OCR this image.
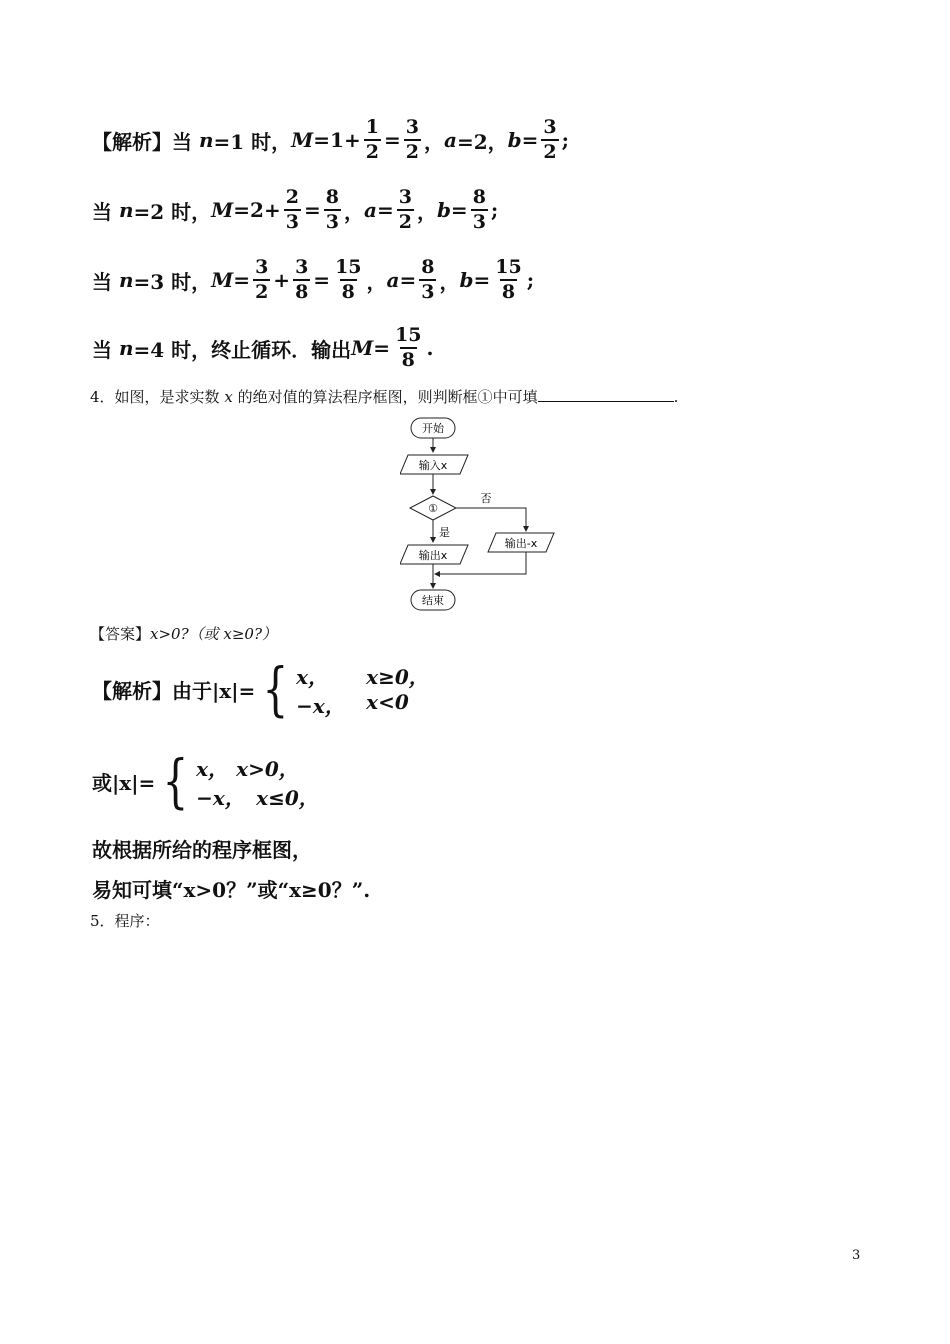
【解析】 当
n =1 时， $M =1+ \frac{1}{2} = \frac{3}{2}$ ， a =2， $b = \frac{3}{2}$ ;
当
n =2 时， $M =2+ \frac{2}{3} = \frac{8}{3}$ ， $a = \frac{3}{2}$ ， $b = \frac{8}{3}$ ;
当
n =3 时， $M = \frac{3}{2} + \frac{3}{8} = \frac{15}{8}$ ， $a = \frac{8}{3}$ ， $b = \frac{15}{8}$ ;
当
n =4 时，终止循环．输出 $M = \frac{15}{8}$ .
4．如图，是求实数 x 的绝对值的算法程序框图，则判断框①中可填	.
开始
输入x
①
否
是
输出x
输出-x
结束
【答案】x>0?（或 x≥0?）
【解析】 由于|x|= { x，	x≥0，
−x，	x<0
或|x|= { x， x>0，
−x， x≤0，
故根据所给的程序框图，
易知可填“x>0？”或“x≥0？”.
5．程序：
3
